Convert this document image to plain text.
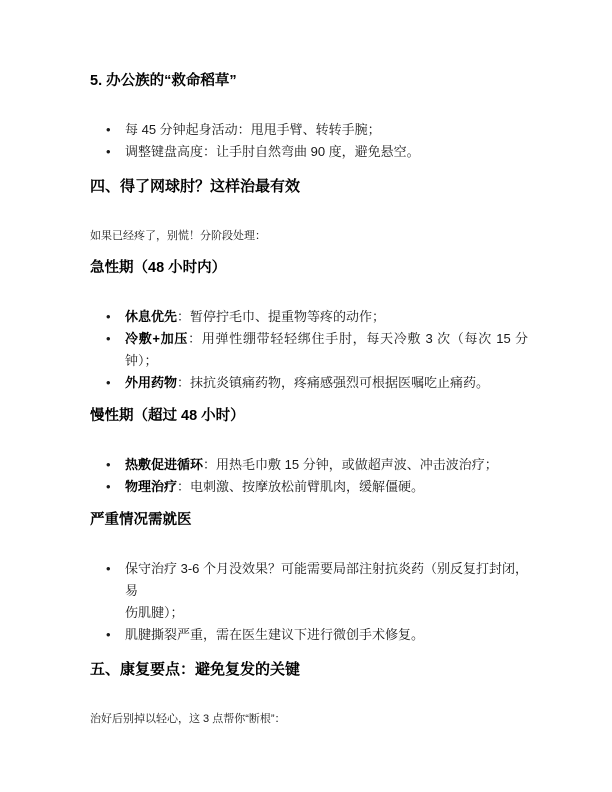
5. 办公族的“救命稻草”
• 每 45 分钟起身活动：甩甩手臂、转转手腕；
• 调整键盘高度：让手肘自然弯曲 90 度，避免悬空。
四、得了网球肘？这样治最有效

如果已经疼了，别慌！分阶段处理：

急性期（48 小时内）
• 休息优先：暂停拧毛巾、提重物等疼的动作；
• 冷敷+加压：用弹性绷带轻轻绑住手肘，每天冷敷 3 次（每次 15 分
钟）；
• 外用药物：抹抗炎镇痛药物，疼痛感强烈可根据医嘱吃止痛药。
慢性期（超过 48 小时）
• 热敷促进循环：用热毛巾敷 15 分钟，或做超声波、冲击波治疗；
• 物理治疗：电刺激、按摩放松前臂肌肉，缓解僵硬。
严重情况需就医
• 保守治疗 3-6 个月没效果？可能需要局部注射抗炎药（别反复打封闭，易
伤肌腱）；
• 肌腱撕裂严重，需在医生建议下进行微创手术修复。
五、康复要点：避免复发的关键

治好后别掉以轻心，这 3 点帮你“断根”：
